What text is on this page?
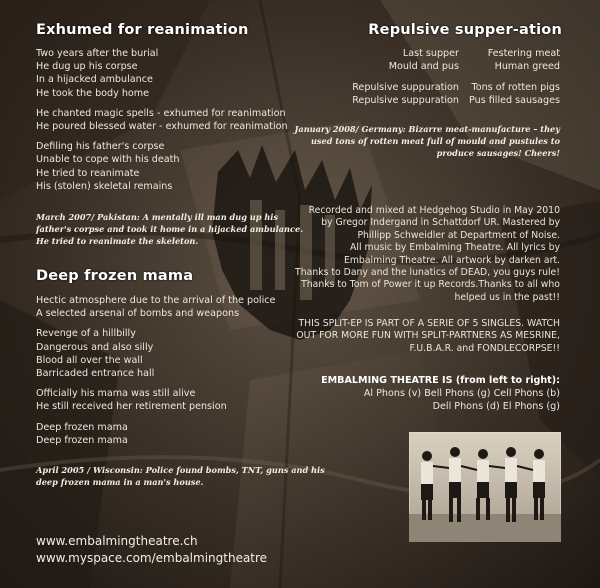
Exhumed for reanimation
Two years after the burial
He dug up his corpse
In a hijacked ambulance
He took the body home
He chanted magic spells - exhumed for reanimation
He poured blessed water - exhumed for reanimation
Defiling his father's corpse
Unable to cope with his death
He tried to reanimate
His (stolen) skeletal remains
March 2007/ Pakistan: A mentally ill man dug up his
father's corpse and took it home in a hijacked ambulance.
He tried to reanimate the skeleton.
Deep frozen mama
Hectic atmosphere due to the arrival of the police
A selected arsenal of bombs and weapons
Revenge of a hillbilly
Dangerous and also silly
Blood all over the wall
Barricaded entrance hall
Officially his mama was still alive
He still received her retirement pension
Deep frozen mama
Deep frozen mama
April 2005 / Wisconsin: Police found bombs, TNT, guns and his
deep frozen mama in a man's house.
www.embalmingtheatre.ch
www.myspace.com/embalmingtheatre
Repulsive supper-ation
Last supper	Festering meat
Mould and pus	Human greed

Repulsive suppuration	Tons of rotten pigs
Repulsive suppuration	Pus filled sausages
January 2008/ Germany: Bizarre meat-manufacture – they
used tons of rotten meat full of mould and pustules to
produce sausages! Cheers!
Recorded and mixed at Hedgehog Studio in May 2010
by Gregor Indergand in Schattdorf UR. Mastered by
Phillipp Schweidler at Department of Noise.
All music by Embalming Theatre. All lyrics by
Embalming Theatre. All artwork by darken art.
Thanks to Dany and the lunatics of DEAD, you guys rule!
Thanks to Tom of Power it up Records.Thanks to all who
helped us in the past!!
THIS SPLIT-EP IS PART OF A SERIE OF 5 SINGLES. WATCH
OUT FOR MORE FUN WITH SPLIT-PARTNERS AS MESRINE,
F.U.B.A.R. and FONDLECORPSE!!
EMBALMING THEATRE IS (from left to right):
Al Phons (v) Bell Phons (g) Cell Phons (b)
Dell Phons (d) El Phons (g)
